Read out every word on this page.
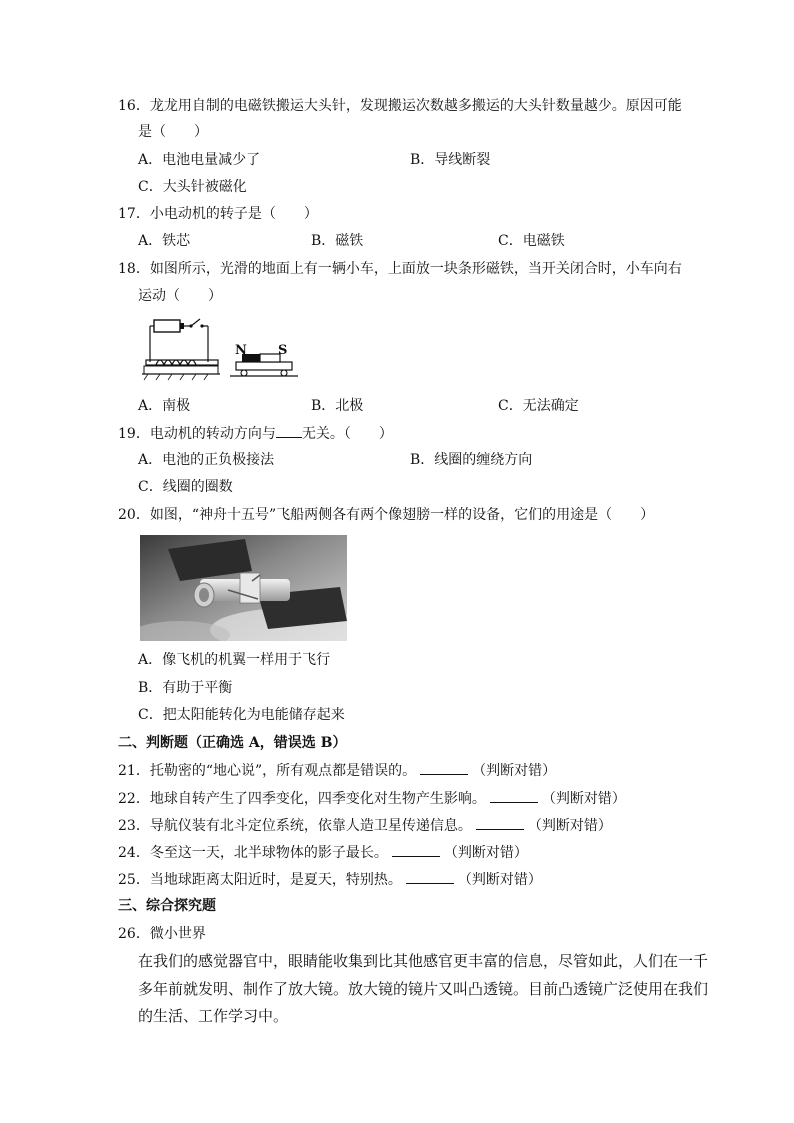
16．龙龙用自制的电磁铁搬运大头针，发现搬运次数越多搬运的大头针数量越少。原因可能
是（　　）
A．电池电量减少了	B．导线断裂
C．大头针被磁化
17．小电动机的转子是（　　）
A．铁芯	B．磁铁	C．电磁铁
18．如图所示，光滑的地面上有一辆小车，上面放一块条形磁铁，当开关闭合时，小车向右
运动（　　）
N S
A．南极	B．北极	C．无法确定
19．电动机的转动方向与 无关。（　　）
A．电池的正负极接法	B．线圈的缠绕方向
C．线圈的圈数
20．如图，“神舟十五号”飞船两侧各有两个像翅膀一样的设备，它们的用途是（　　）
A．像飞机的机翼一样用于飞行
B．有助于平衡
C．把太阳能转化为电能储存起来
二、判断题（正确选 A，错误选 B）
21．托勒密的“地心说”，所有观点都是错误的。	（判断对错）
22．地球自转产生了四季变化，四季变化对生物产生影响。	（判断对错）
23．导航仪装有北斗定位系统，依靠人造卫星传递信息。	（判断对错）
24．冬至这一天，北半球物体的影子最长。	（判断对错）
25．当地球距离太阳近时，是夏天，特别热。	（判断对错）
三、综合探究题
26．微小世界
在我们的感觉器官中，眼睛能收集到比其他感官更丰富的信息，尽管如此，人们在一千
多年前就发明、制作了放大镜。放大镜的镜片又叫凸透镜。目前凸透镜广泛使用在我们
的生活、工作学习中。
